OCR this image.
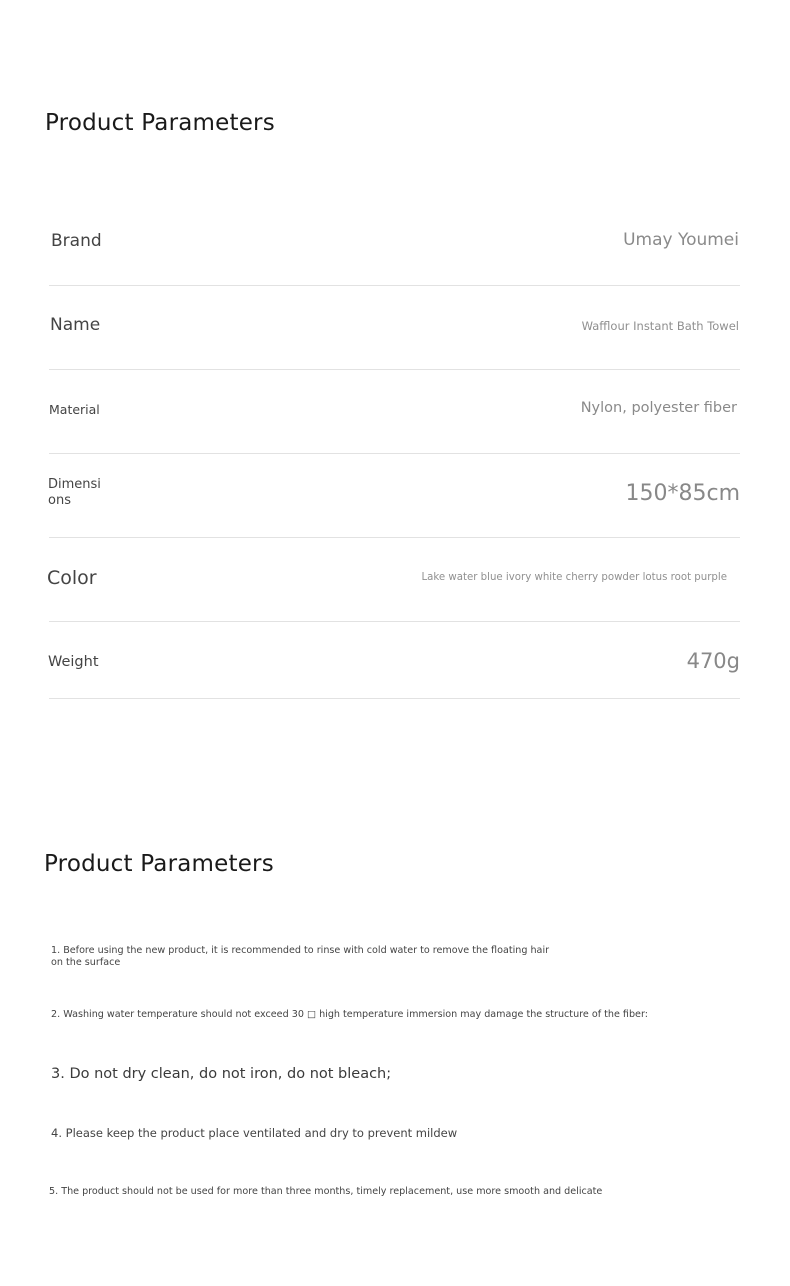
Product Parameters
Brand	Umay Youmei
Name	Wafflour Instant Bath Towel
Material	Nylon, polyester fiber
Dimensi
ons	150*85cm
Color	Lake water blue ivory white cherry powder lotus root purple
Weight	470g
Product Parameters

1. Before using the new product, it is recommended to rinse with cold water to remove the floating hair
on the surface

2. Washing water temperature should not exceed 30 □ high temperature immersion may damage the structure of the fiber:

3. Do not dry clean, do not iron, do not bleach;

4. Please keep the product place ventilated and dry to prevent mildew

5. The product should not be used for more than three months, timely replacement, use more smooth and delicate
